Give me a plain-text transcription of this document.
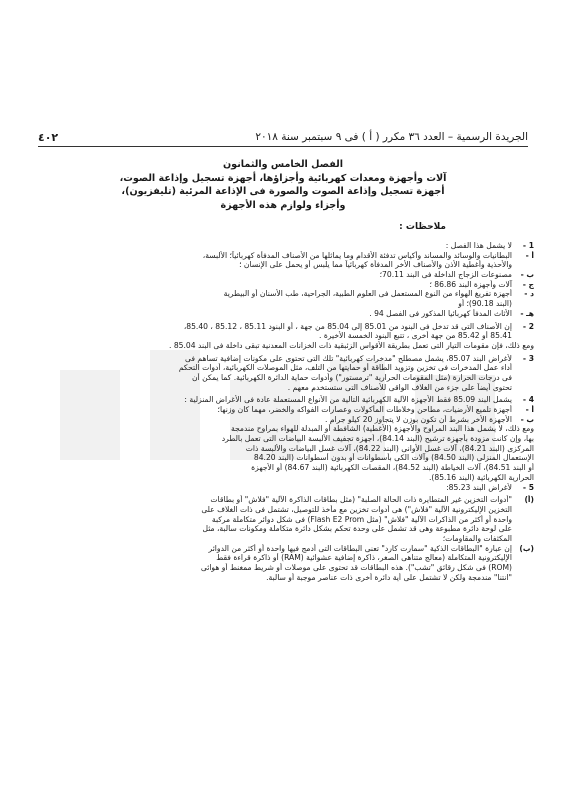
الجريدة الرسمية – العدد ٣٦ مكرر ( أ ) فى ٩ سبتمبر سنة ٢٠١٨
٤٠٢
الفصل الخامس والثمانون
آلات وأجهزة ومعدات كهربائية وأجزاؤها، أجهزة تسجيل وإذاعة الصوت،
أجهزة تسجيل وإذاعة الصوت والصورة فى الإذاعة المرئية (تليفزيون)،
وأجزاء ولوازم هذه الأجهزة
ملاحظات :
1 -
لا يشمل هذا الفصل :
أ -
البطانيات والوسائد والمساند وأكياس تدفئة الأقدام وما يماثلها من الأصناف المدفأة كهربائياً؛ الألبسة،
والأحذية وأغطية الأذن والأصناف الأخر المدفأة كهربائياً مما يلبس أو يحمل على الإنسان ؛
ب -
مصنوعات الزجاج الداخلة فى البند 70.11؛
ج -
آلات وأجهزة البند 86.86 ؛
د -
أجهزة تفريغ الهواء من النوع المستعمل فى العلوم الطبية، الجراحية، طب الأسنان أو البيطرية
(البند 90.18)؛ أو
هـ -
الأثاث المدفأ كهربائيا المذكور فى الفصل 94 .
2 -
إن الأصناف التى قد تدخل فى البنود من 85.01 إلى 85.04 من جهة ، أو البنود 85.11 ، 85.12 ، 85.40،
85.41 أو 85.42 من جهة أخرى ، تتبع البنود الخمسة الأخيرة .
ومع ذلك، فإن مقومات التيار التى تعمل بطريقة الأقواس الزئبقية ذات الخزانات المعدنية تبقى داخلة فى البند 85.04 .
3 -
لأغراض البند 85.07، يشمل مصطلح "مدخرات كهربائية" تلك التى تحتوى على مكونات إضافية تساهم فى
أداء عمل المدخرات فى تخزين وتزويد الطاقة أو حمايتها من التلف، مثل الموصلات الكهربائية، أدوات التحكم
فى درجات الحرارة (مثل المقومات الحرارية "ترمستور") وأدوات حماية الدائرة الكهربائية. كما يمكن أن
تحتوى أيضاً على جزء من الغلاف الواقى للأصناف التى ستستخدم معهم .
4 -
يشمل البند 85.09 فقط الأجهزة الآلية الكهربائية التالية من الأنواع المستعملة عادة فى الأغراض المنزلية :
أ -
أجهزة تلميع الأرضيات، مطاحن وخلاطات المأكولات وعصارات الفواكه والخضر، مهما كان وزنها؛
ب -
الأجهزة الأخر بشرط أن تكون بوزن لا يتجاوز 20 كيلو جرام .
ومع ذلك، لا يشمل هذا البند المراوح والأجهزة (الأغطية) الشافطة أو المبدلة للهواء بمراوح مندمجة
بها، وإن كانت مزودة بأجهزة ترشيح (البند 84.14)، أجهزة تجفيف الألبسة البياضات التى تعمل بالطرد
المركزى (البند 84.21)، آلات غسل الأوانى (البند 84.22)، آلات غسل البياضات والألبسة ذات
الإستعمال المنزلى (البند 84.50) وآلات الكى بأسطوانات أو بدون أسطوانات (البند 84.20
أو البند 84.51)، آلات الخياطة (البند 84.52)، المقصات الكهربائية (البند 84.67) أو الأجهزة
الحرارية الكهربائية (البند 85.16).
5 -
لأغراض البند 85.23:
(أ)
"أدوات التخزين غير المتطايرة ذات الحالة الصلبة" (مثل بطاقات الذاكرة الآلية "فلاش" أو بطاقات
التخزين الإليكترونية الآلية "فلاش") هى أدوات تخزين مع مأخذ للتوصيل، تشتمل فى ذات الغلاف على
واحدة أو أكثر من الذاكرات الآلية "فلاش" (مثل Flash E2 Prom) فى شكل دوائر متكاملة مركبة
على لوحة دائرة مطبوعة وهى قد تشمل على وحدة تحكم بشكل دائرة متكاملة ومكونات سالبة، مثل
المكثفات والمقاومات؛
(ب)
إن عبارة "البطاقات الذكية "سمارت كارد" تعنى البطاقات التى أدمج فيها واحدة أو أكثر من الدوائر
الإليكترونية المتكاملة (معالج متناهى الصغر، ذاكرة إضافية عشوائية (RAM) أو ذاكرة قراءة فقط
(ROM) فى شكل رقائق "تشب"). هذه البطاقات قد تحتوى على موصلات أو شريط ممغنط أو هوائى
"انتنا" مندمجة ولكن لا تشتمل على أية دائرة أخرى ذات عناصر موجبة أو سالبة.
